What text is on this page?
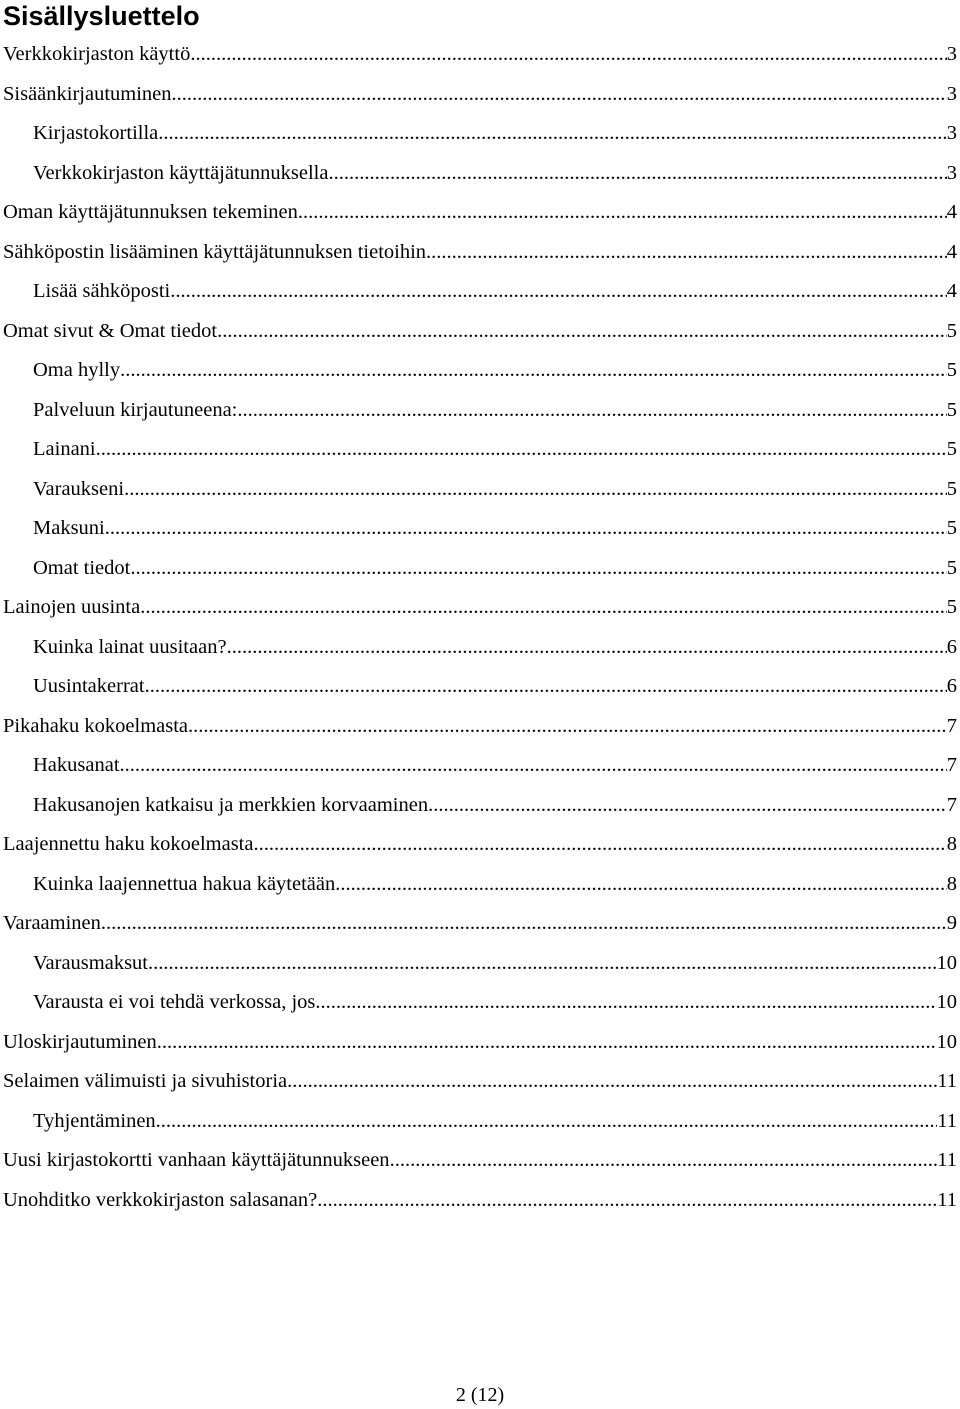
Sisällysluettelo
Verkkokirjaston käyttö .....	3
Sisäänkirjautuminen .....	3
Kirjastokortilla .....	3
Verkkokirjaston käyttäjätunnuksella .....	3
Oman käyttäjätunnuksen tekeminen .....	4
Sähköpostin lisääminen käyttäjätunnuksen tietoihin .....	4
Lisää sähköposti .....	4
Omat sivut & Omat tiedot .....	5
Oma hylly .....	5
Palveluun kirjautuneena: .....	5
Lainani .....	5
Varaukseni .....	5
Maksuni .....	5
Omat tiedot .....	5
Lainojen uusinta .....	5
Kuinka lainat uusitaan? .....	6
Uusintakerrat .....	6
Pikahaku kokoelmasta .....	7
Hakusanat .....	7
Hakusanojen katkaisu ja merkkien korvaaminen .....	7
Laajennettu haku kokoelmasta .....	8
Kuinka laajennettua hakua käytetään .....	8
Varaaminen .....	9
Varausmaksut .....	10
Varausta ei voi tehdä verkossa, jos .....	10
Uloskirjautuminen .....	10
Selaimen välimuisti ja sivuhistoria .....	11
Tyhjentäminen .....	11
Uusi kirjastokortti vanhaan käyttäjätunnukseen .....	11
Unohditko verkkokirjaston salasanan? .....	11
2 (12)
